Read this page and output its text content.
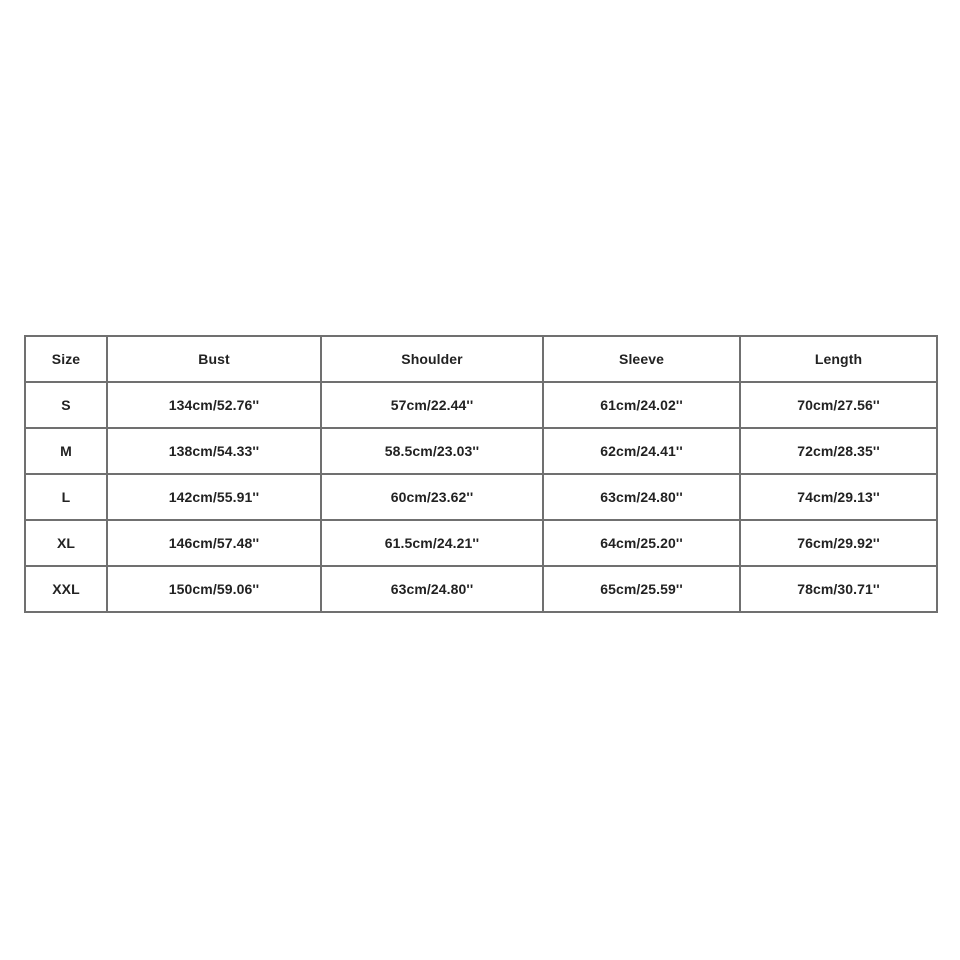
Size	Bust	Shoulder	Sleeve	Length
S	134cm/52.76''	57cm/22.44''	61cm/24.02''	70cm/27.56''
M	138cm/54.33''	58.5cm/23.03''	62cm/24.41''	72cm/28.35''
L	142cm/55.91''	60cm/23.62''	63cm/24.80''	74cm/29.13''
XL	146cm/57.48''	61.5cm/24.21''	64cm/25.20''	76cm/29.92''
XXL	150cm/59.06''	63cm/24.80''	65cm/25.59''	78cm/30.71''
